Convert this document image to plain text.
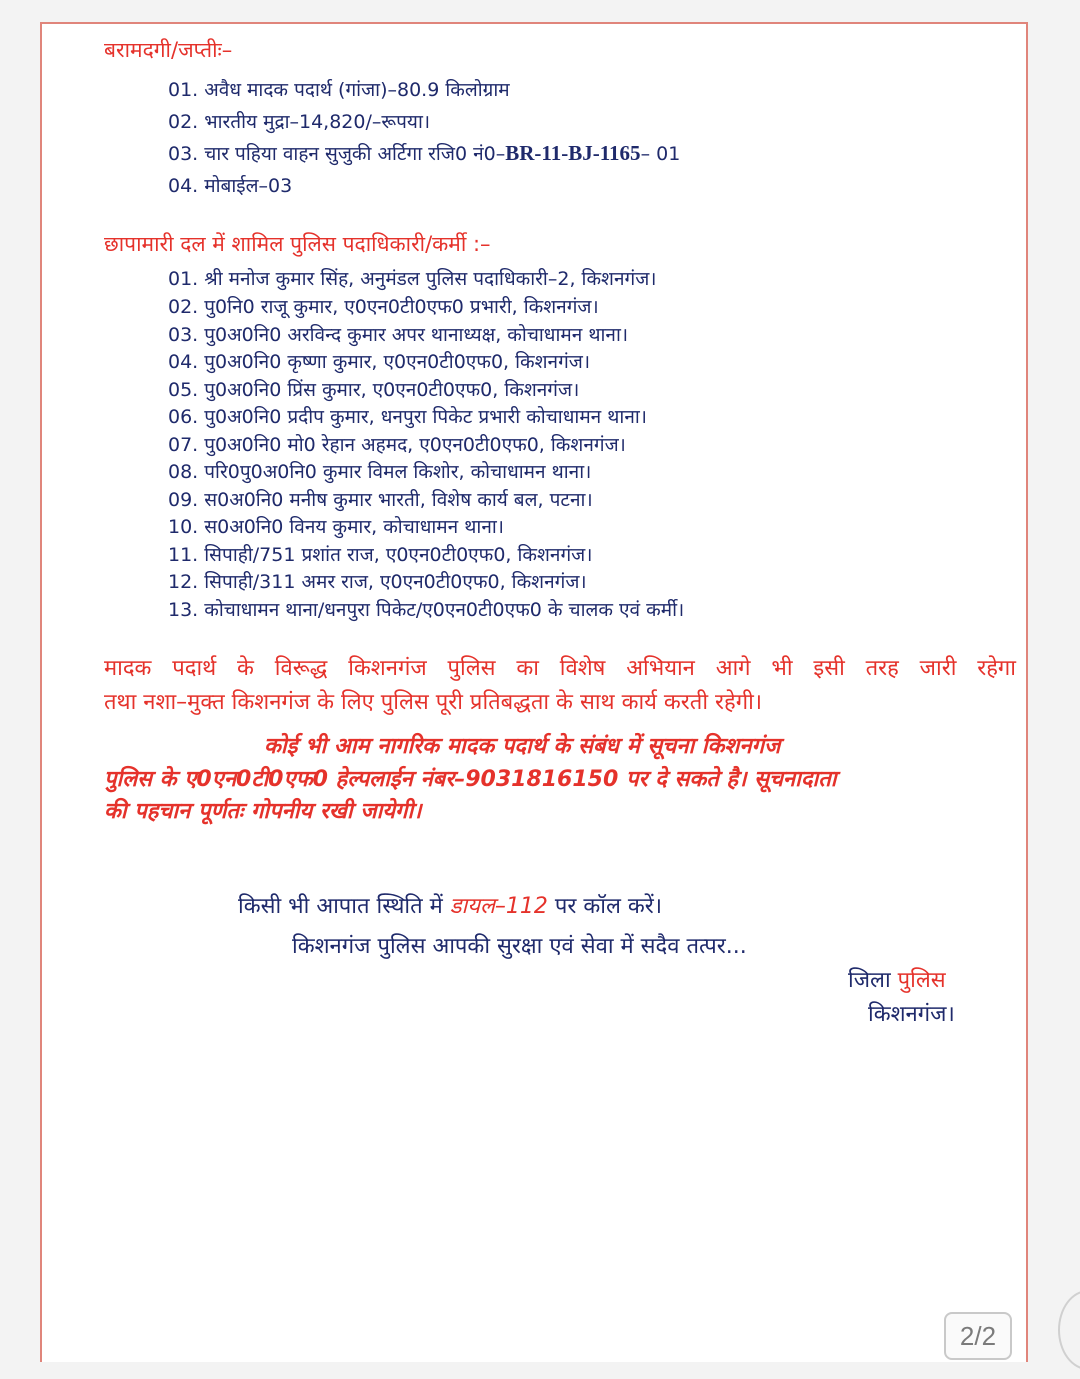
बरामदगी/जप्तीः–
01. अवैध मादक पदार्थ (गांजा)–80.9 किलोग्राम
02. भारतीय मुद्रा–14,820/–रूपया।
03. चार पहिया वाहन सुजुकी अर्टिगा रजि0 नं0–BR-11-BJ-1165– 01
04. मोबाईल–03
छापामारी दल में शामिल पुलिस पदाधिकारी/कर्मी :–
01. श्री मनोज कुमार सिंह, अनुमंडल पुलिस पदाधिकारी–2, किशनगंज।
02. पु0नि0 राजू कुमार, ए0एन0टी0एफ0 प्रभारी, किशनगंज।
03. पु0अ0नि0 अरविन्द कुमार अपर थानाध्यक्ष, कोचाधामन थाना।
04. पु0अ0नि0 कृष्णा कुमार, ए0एन0टी0एफ0, किशनगंज।
05. पु0अ0नि0 प्रिंस कुमार, ए0एन0टी0एफ0, किशनगंज।
06. पु0अ0नि0 प्रदीप कुमार, धनपुरा पिकेट प्रभारी कोचाधामन थाना।
07. पु0अ0नि0 मो0 रेहान अहमद, ए0एन0टी0एफ0, किशनगंज।
08. परि0पु0अ0नि0 कुमार विमल किशोर, कोचाधामन थाना।
09. स0अ0नि0 मनीष कुमार भारती, विशेष कार्य बल, पटना।
10. स0अ0नि0 विनय कुमार, कोचाधामन थाना।
11. सिपाही/751 प्रशांत राज, ए0एन0टी0एफ0, किशनगंज।
12. सिपाही/311 अमर राज, ए0एन0टी0एफ0, किशनगंज।
13. कोचाधामन थाना/धनपुरा पिकेट/ए0एन0टी0एफ0 के चालक एवं कर्मी।
मादक पदार्थ के विरूद्ध किशनगंज पुलिस का विशेष अभियान आगे भी इसी तरह जारी रहेगा
तथा नशा–मुक्त किशनगंज के लिए पुलिस पूरी प्रतिबद्धता के साथ कार्य करती रहेगी।
कोई भी आम नागरिक मादक पदार्थ के संबंध में सूचना किशनगंज
पुलिस के ए0एन0टी0एफ0 हेल्पलाईन नंबर–9031816150 पर दे सकते है। सूचनादाता
की पहचान पूर्णतः गोपनीय रखी जायेगी।
किसी भी आपात स्थिति में डायल–112 पर कॉल करें।
किशनगंज पुलिस आपकी सुरक्षा एवं सेवा में सदैव तत्पर...
जिला पुलिस
किशनगंज।
2/2
